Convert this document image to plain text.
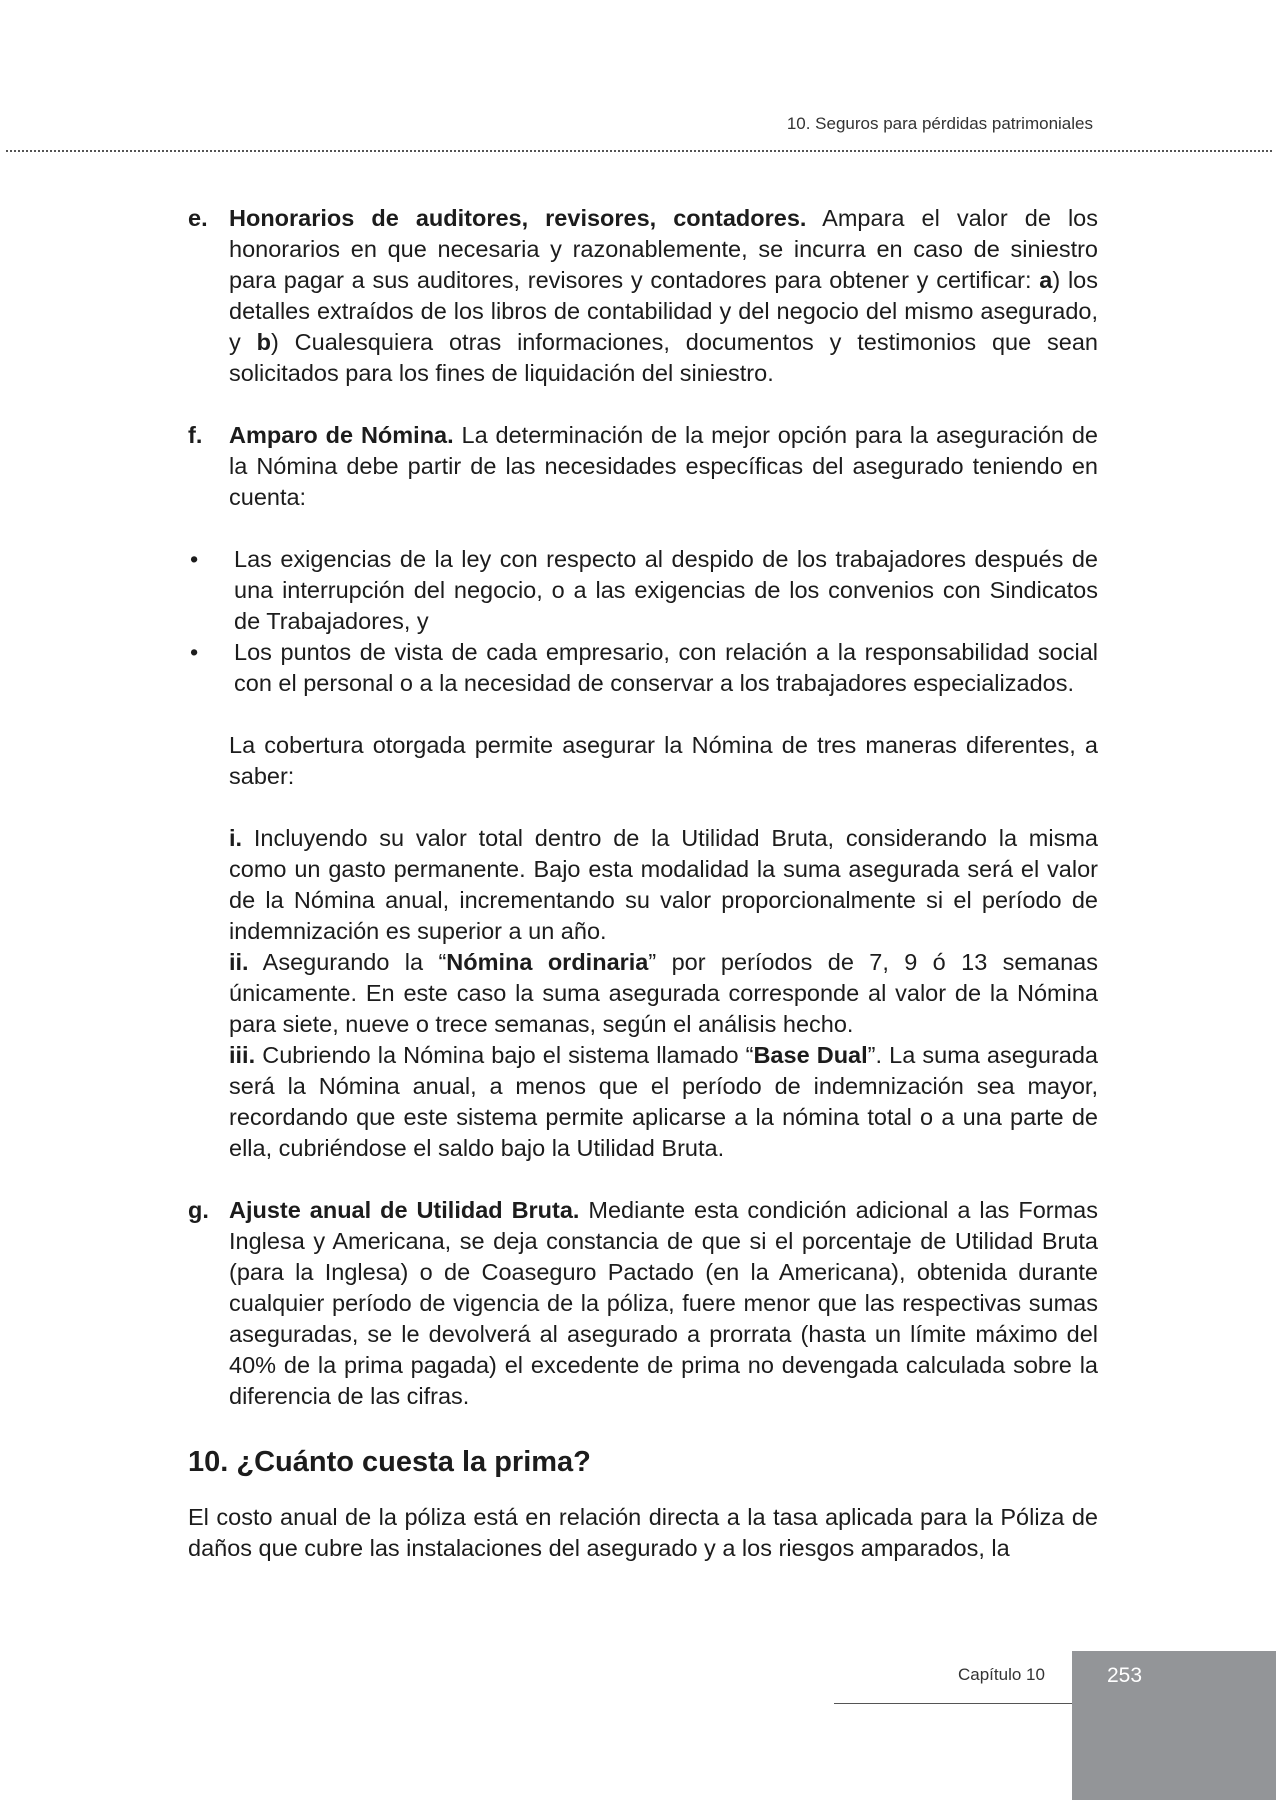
10. Seguros para pérdidas patrimoniales

e. Honorarios de auditores, revisores, contadores. Ampara el valor de los honorarios en que necesaria y razonablemente, se incurra en caso de siniestro para pagar a sus auditores, revisores y contadores para obtener y certificar: a) los detalles extraídos de los libros de contabilidad y del negocio del mismo asegurado, y b) Cualesquiera otras informaciones, documentos y testimonios que sean solicitados para los fines de liquidación del siniestro.

f. Amparo de Nómina. La determinación de la mejor opción para la aseguración de la Nómina debe partir de las necesidades específicas del asegurado teniendo en cuenta:

• Las exigencias de la ley con respecto al despido de los trabajadores después de una interrupción del negocio, o a las exigencias de los convenios con Sindicatos de Trabajadores, y

• Los puntos de vista de cada empresario, con relación a la responsabilidad social con el personal o a la necesidad de conservar a los trabajadores especializados.

La cobertura otorgada permite asegurar la Nómina de tres maneras diferentes, a saber:

i. Incluyendo su valor total dentro de la Utilidad Bruta, considerando la misma como un gasto permanente. Bajo esta modalidad la suma asegurada será el valor de la Nómina anual, incrementando su valor proporcionalmente si el período de indemnización es superior a un año.

ii. Asegurando la “Nómina ordinaria” por períodos de 7, 9 ó 13 semanas únicamente. En este caso la suma asegurada corresponde al valor de la Nómina para siete, nueve o trece semanas, según el análisis hecho.

iii. Cubriendo la Nómina bajo el sistema llamado “Base Dual”. La suma asegurada será la Nómina anual, a menos que el período de indemnización sea mayor, recordando que este sistema permite aplicarse a la nómina total o a una parte de ella, cubriéndose el saldo bajo la Utilidad Bruta.

g. Ajuste anual de Utilidad Bruta. Mediante esta condición adicional a las Formas Inglesa y Americana, se deja constancia de que si el porcentaje de Utilidad Bruta (para la Inglesa) o de Coaseguro Pactado (en la Americana), obtenida durante cualquier período de vigencia de la póliza, fuere menor que las respectivas sumas aseguradas, se le devolverá al asegurado a prorrata (hasta un límite máximo del 40% de la prima pagada) el excedente de prima no devengada calculada sobre la diferencia de las cifras.

10. ¿Cuánto cuesta la prima?

El costo anual de la póliza está en relación directa a la tasa aplicada para la Póliza de daños que cubre las instalaciones del asegurado y a los riesgos amparados, la

Capítulo 10	253
